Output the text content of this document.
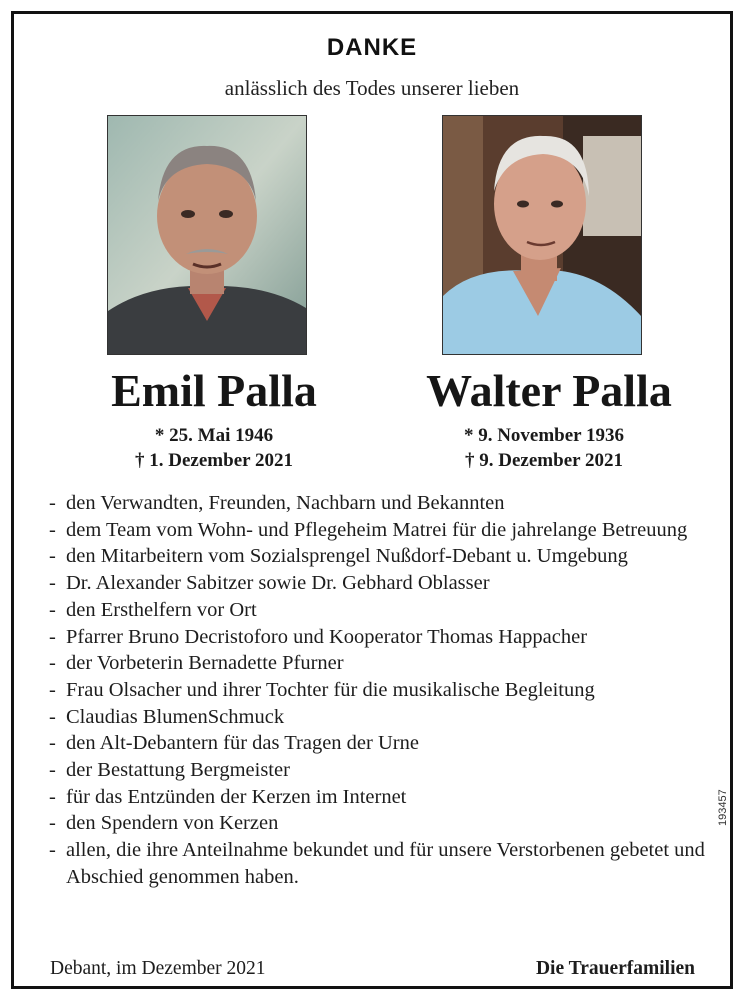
DANKE
anlässlich des Todes unserer lieben
Emil Palla	Walter Palla
* 25. Mai 1946
† 1. Dezember 2021
* 9. November 1936
† 9. Dezember 2021
- den Verwandten, Freunden, Nachbarn und Bekannten
- dem Team vom Wohn- und Pflegeheim Matrei für die jahrelange Betreuung
- den Mitarbeitern vom Sozialsprengel Nußdorf-Debant u. Umgebung
- Dr. Alexander Sabitzer sowie Dr. Gebhard Oblasser
- den Ersthelfern vor Ort
- Pfarrer Bruno Decristoforo und Kooperator Thomas Happacher
- der Vorbeterin Bernadette Pfurner
- Frau Olsacher und ihrer Tochter für die musikalische Begleitung
- Claudias BlumenSchmuck
- den Alt-Debantern für das Tragen der Urne
- der Bestattung Bergmeister
- für das Entzünden der Kerzen im Internet
- den Spendern von Kerzen
- allen, die ihre Anteilnahme bekundet und für unsere Verstorbenen gebetet und Abschied genommen haben.
Debant, im Dezember 2021	Die Trauerfamilien
193457
